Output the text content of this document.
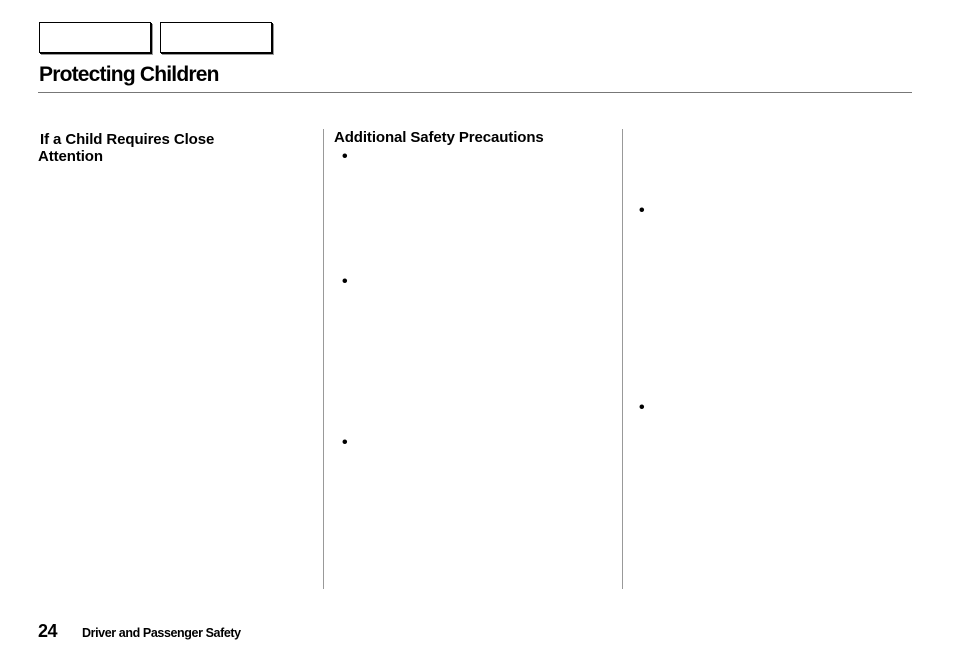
Protecting Children
If a Child Requires Close Attention
Additional Safety Precautions
•
•
•
•
•
24 Driver and Passenger Safety
